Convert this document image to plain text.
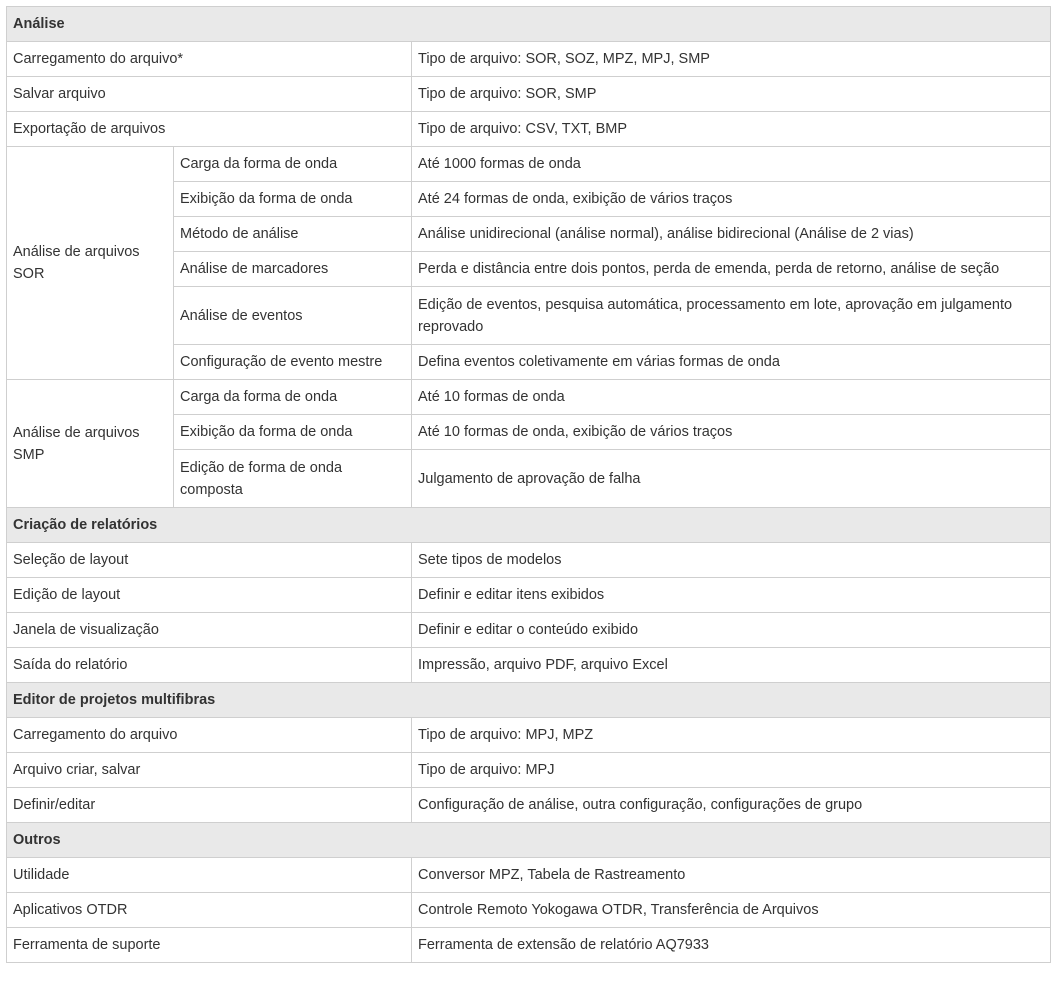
Análise		
Carregamento do arquivo*		Tipo de arquivo: SOR, SOZ, MPZ, MPJ, SMP
Salvar arquivo		Tipo de arquivo: SOR, SMP
Exportação de arquivos		Tipo de arquivo: CSV, TXT, BMP
Análise de arquivos SOR	Carga da forma de onda	Até 1000 formas de onda
	Exibição da forma de onda	Até 24 formas de onda, exibição de vários traços
	Método de análise	Análise unidirecional (análise normal), análise bidirecional (Análise de 2 vias)
	Análise de marcadores	Perda e distância entre dois pontos, perda de emenda, perda de retorno, análise de seção
	Análise de eventos	Edição de eventos, pesquisa automática, processamento em lote, aprovação em julgamento reprovado
	Configuração de evento mestre	Defina eventos coletivamente em várias formas de onda
Análise de arquivos SMP	Carga da forma de onda	Até 10 formas de onda
	Exibição da forma de onda	Até 10 formas de onda, exibição de vários traços
	Edição de forma de onda composta	Julgamento de aprovação de falha
Criação de relatórios		
Seleção de layout		Sete tipos de modelos
Edição de layout		Definir e editar itens exibidos
Janela de visualização		Definir e editar o conteúdo exibido
Saída do relatório		Impressão, arquivo PDF, arquivo Excel
Editor de projetos multifibras		
Carregamento do arquivo		Tipo de arquivo: MPJ, MPZ
Arquivo criar, salvar		Tipo de arquivo: MPJ
Definir/editar		Configuração de análise, outra configuração, configurações de grupo
Outros		
Utilidade		Conversor MPZ, Tabela de Rastreamento
Aplicativos OTDR		Controle Remoto Yokogawa OTDR, Transferência de Arquivos
Ferramenta de suporte		Ferramenta de extensão de relatório AQ7933
